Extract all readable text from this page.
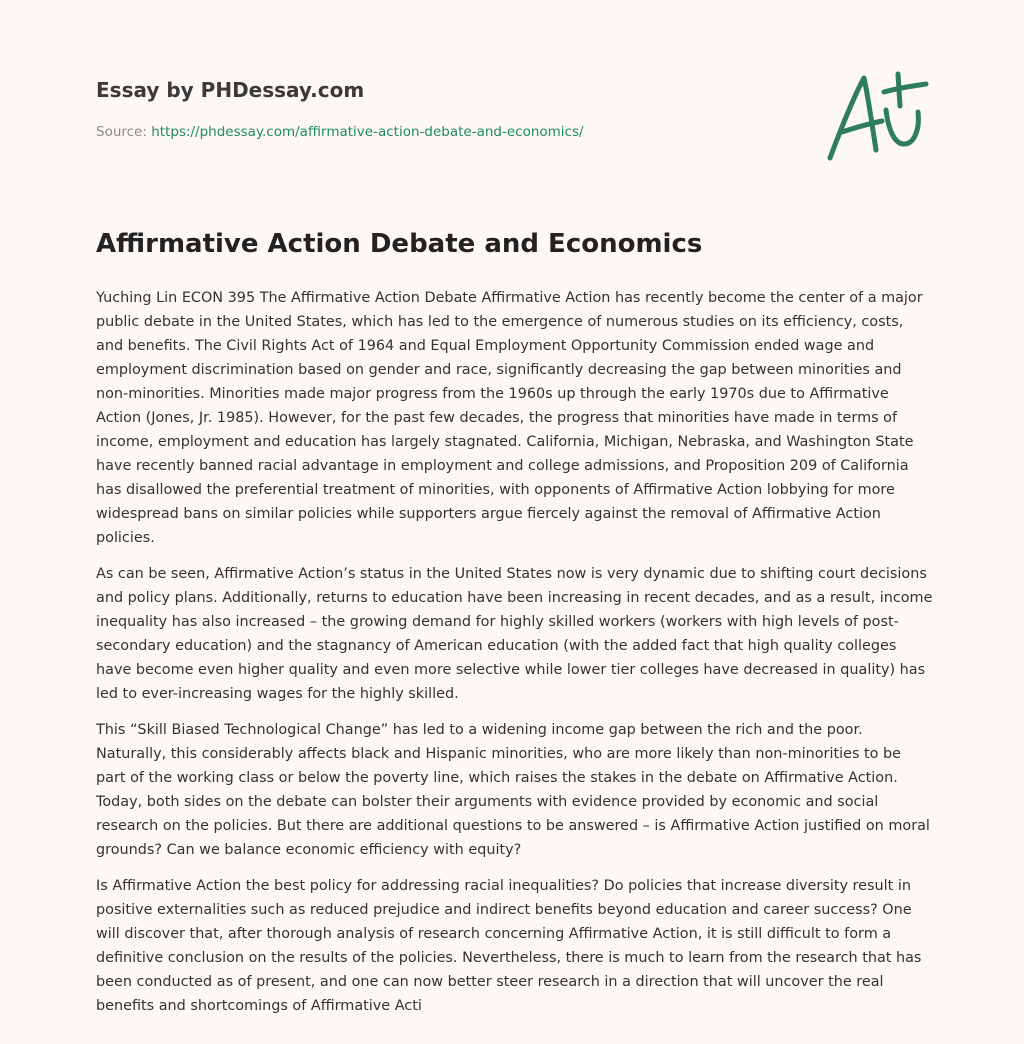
Essay by PHDessay.com
Source: https://phdessay.com/affirmative-action-debate-and-economics/
Affirmative Action Debate and Economics

Yuching Lin ECON 395 The Affirmative Action Debate Affirmative Action has recently become the center of a major public debate in the United States, which has led to the emergence of numerous studies on its efficiency, costs, and benefits. The Civil Rights Act of 1964 and Equal Employment Opportunity Commission ended wage and employment discrimination based on gender and race, significantly decreasing the gap between minorities and non-minorities. Minorities made major progress from the 1960s up through the early 1970s due to Affirmative Action (Jones, Jr. 1985). However, for the past few decades, the progress that minorities have made in terms of income, employment and education has largely stagnated. California, Michigan, Nebraska, and Washington State have recently banned racial advantage in employment and college admissions, and Proposition 209 of California has disallowed the preferential treatment of minorities, with opponents of Affirmative Action lobbying for more widespread bans on similar policies while supporters argue fiercely against the removal of Affirmative Action policies.

As can be seen, Affirmative Action’s status in the United States now is very dynamic due to shifting court decisions and policy plans. Additionally, returns to education have been increasing in recent decades, and as a result, income inequality has also increased – the growing demand for highly skilled workers (workers with high levels of post-secondary education) and the stagnancy of American education (with the added fact that high quality colleges have become even higher quality and even more selective while lower tier colleges have decreased in quality) has led to ever-increasing wages for the highly skilled.

This “Skill Biased Technological Change” has led to a widening income gap between the rich and the poor. Naturally, this considerably affects black and Hispanic minorities, who are more likely than non-minorities to be part of the working class or below the poverty line, which raises the stakes in the debate on Affirmative Action. Today, both sides on the debate can bolster their arguments with evidence provided by economic and social research on the policies. But there are additional questions to be answered – is Affirmative Action justified on moral grounds? Can we balance economic efficiency with equity?

Is Affirmative Action the best policy for addressing racial inequalities? Do policies that increase diversity result in positive externalities such as reduced prejudice and indirect benefits beyond education and career success? One will discover that, after thorough analysis of research concerning Affirmative Action, it is still difficult to form a definitive conclusion on the results of the policies. Nevertheless, there is much to learn from the research that has been conducted as of present, and one can now better steer research in a direction that will uncover the real benefits and shortcomings of Affirmative Acti
